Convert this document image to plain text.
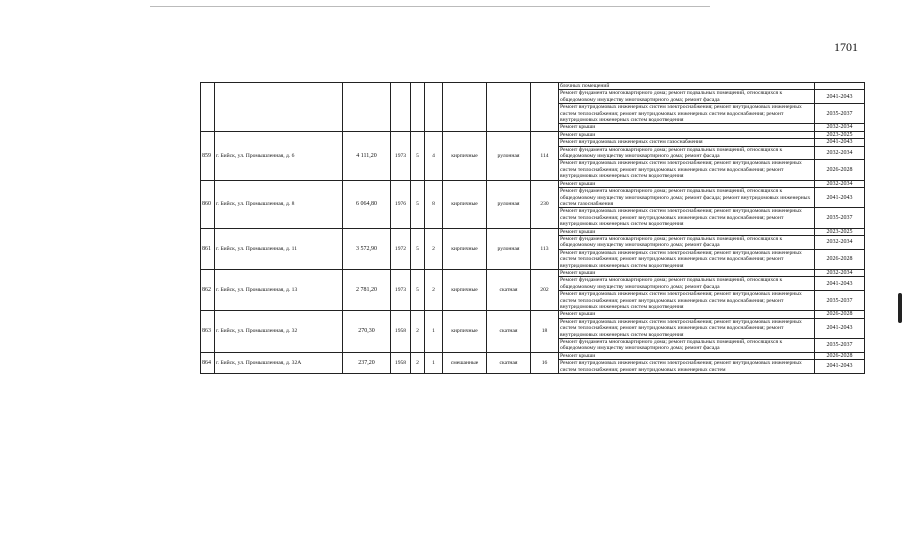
1701
									блочных помещений	
									Ремонт фундамента многоквартирного дома; ремонт подвальных помещений, относящихся к общедомовому имуществу многоквартирного дома; ремонт фасада	2041-2043
									Ремонт внутридомовых инженерных систем электроснабжения; ремонт внутридомовых инженерных систем теплоснабжения; ремонт внутридомовых инженерных систем водоснабжения; ремонт внутридомовых инженерных систем водоотведения	2035-2037
									Ремонт крыши	2032-2034
859	г. Бийск, ул. Промышленная, д. 6	4 111,20	1973	5	4	кирпичные	рулонная	114	Ремонт крыши	2023-2025
									Ремонт внутридомовых инженерных систем газоснабжения	2041-2043
									Ремонт фундамента многоквартирного дома; ремонт подвальных помещений, относящихся к общедомовому имуществу многоквартирного дома; ремонт фасада	2032-2034
									Ремонт внутридомовых инженерных систем электроснабжения; ремонт внутридомовых инженерных систем теплоснабжения; ремонт внутридомовых инженерных систем водоснабжения; ремонт внутридомовых инженерных систем водоотведения	2026-2028
860	г. Бийск, ул. Промышленная, д. 8	6 064,80	1976	5	8	кирпичные	рулонная	230	Ремонт крыши	2032-2034
									Ремонт фундамента многоквартирного дома; ремонт подвальных помещений, относящихся к общедомовому имуществу многоквартирного дома; ремонт фасада; ремонт внутридомовых инженерных систем газоснабжения	2041-2043
									Ремонт внутридомовых инженерных систем электроснабжения; ремонт внутридомовых инженерных систем теплоснабжения; ремонт внутридомовых инженерных систем водоснабжения; ремонт внутридомовых инженерных систем водоотведения	2035-2037
861	г. Бийск, ул. Промышленная, д. 11	3 572,90	1972	5	2	кирпичные	рулонная	113	Ремонт крыши	2023-2025
									Ремонт фундамента многоквартирного дома; ремонт подвальных помещений, относящихся к общедомовому имуществу многоквартирного дома; ремонт фасада	2032-2034
									Ремонт внутридомовых инженерных систем электроснабжения; ремонт внутридомовых инженерных систем теплоснабжения; ремонт внутридомовых инженерных систем водоснабжения; ремонт внутридомовых инженерных систем водоотведения	2026-2028
862	г. Бийск, ул. Промышленная, д. 13	2 781,20	1973	5	2	кирпичные	скатная	202	Ремонт крыши	2032-2034
									Ремонт фундамента многоквартирного дома; ремонт подвальных помещений, относящихся к общедомовому имуществу многоквартирного дома; ремонт фасада	2041-2043
									Ремонт внутридомовых инженерных систем электроснабжения; ремонт внутридомовых инженерных систем теплоснабжения; ремонт внутридомовых инженерных систем водоснабжения; ремонт внутридомовых инженерных систем водоотведения	2035-2037
863	г. Бийск, ул. Промышленная, д. 32	270,30	1958	2	1	кирпичные	скатная	18	Ремонт крыши	2026-2028
									Ремонт внутридомовых инженерных систем электроснабжения; ремонт внутридомовых инженерных систем теплоснабжения; ремонт внутридомовых инженерных систем водоснабжения; ремонт внутридомовых инженерных систем водоотведения	2041-2043
									Ремонт фундамента многоквартирного дома; ремонт подвальных помещений, относящихся к общедомовому имуществу многоквартирного дома; ремонт фасада	2035-2037
864	г. Бийск, ул. Промышленная, д. 32А	237,20	1958	2	1	смешанные	скатная	16	Ремонт крыши	2026-2028
									Ремонт внутридомовых инженерных систем электроснабжения; ремонт внутридомовых инженерных систем теплоснабжения; ремонт внутридомовых инженерных систем	2041-2043
